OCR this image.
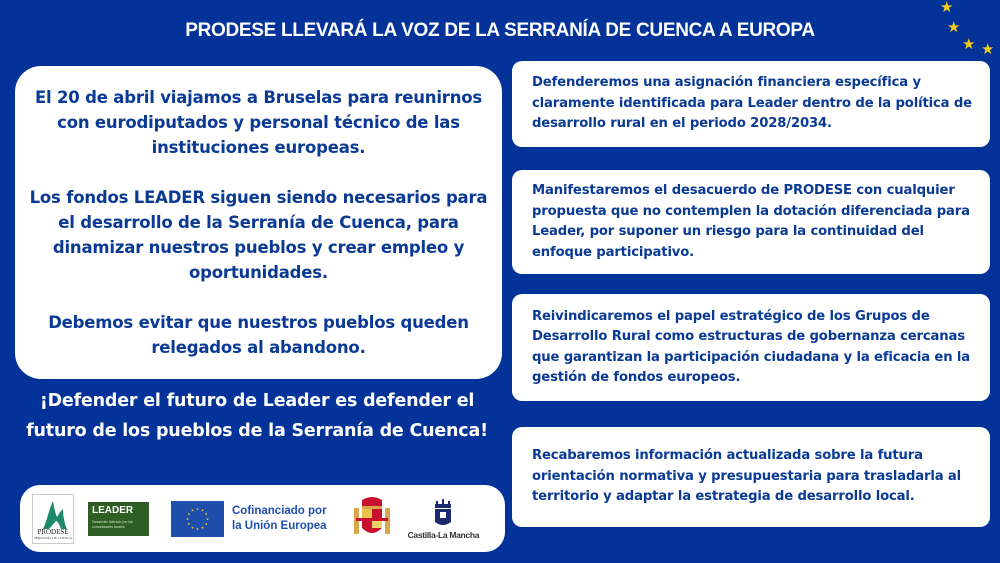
PRODESE LLEVARÁ LA VOZ DE LA SERRANÍA DE CUENCA A EUROPA
★
★
★ ★

El 20 de abril viajamos a Bruselas para reunirnos con eurodiputados y personal técnico de las instituciones europeas.

Los fondos LEADER siguen siendo necesarios para el desarrollo de la Serranía de Cuenca, para dinamizar nuestros pueblos y crear empleo y oportunidades.

Debemos evitar que nuestros pueblos queden relegados al abandono.

¡Defender el futuro de Leader es defender el futuro de los pueblos de la Serranía de Cuenca!
PRODESE
SERRANÍA DE CUENCA
LEADER
Desarrollo liderado por las comunidades locales
Cofinanciado por
la Unión Europea
Castilla-La Mancha

Defenderemos una asignación financiera específica y claramente identificada para Leader dentro de la política de desarrollo rural en el periodo 2028/2034.

Manifestaremos el desacuerdo de PRODESE con cualquier propuesta que no contemplen la dotación diferenciada para Leader, por suponer un riesgo para la continuidad del enfoque participativo.

Reivindicaremos el papel estratégico de los Grupos de Desarrollo Rural como estructuras de gobernanza cercanas que garantizan la participación ciudadana y la eficacia en la gestión de fondos europeos.

Recabaremos información actualizada sobre la futura orientación normativa y presupuestaria para trasladarla al territorio y adaptar la estrategia de desarrollo local.
